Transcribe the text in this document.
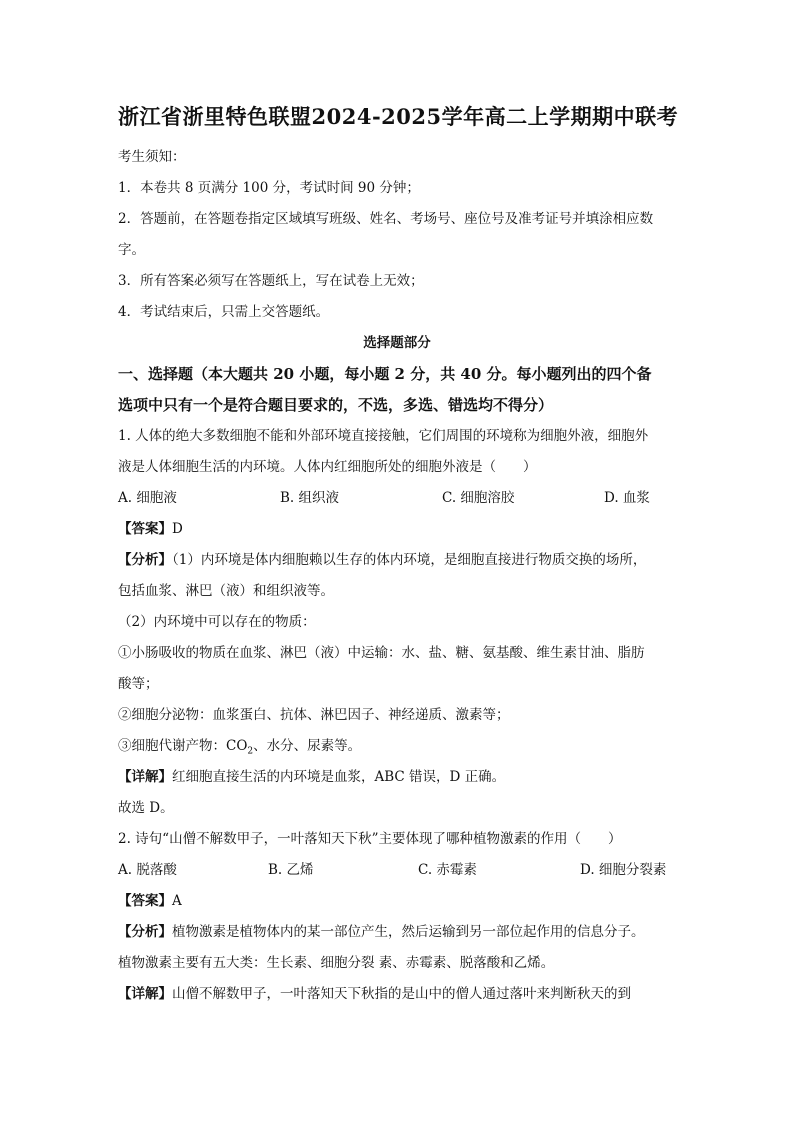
浙江省浙里特色联盟2024-2025学年高二上学期期中联考

考生须知：

1．本卷共 8 页满分 100 分，考试时间 90 分钟；

2．答题前，在答题卷指定区域填写班级、姓名、考场号、座位号及准考证号并填涂相应数

字。

3．所有答案必须写在答题纸上，写在试卷上无效；

4．考试结束后，只需上交答题纸。

选择题部分

一、选择题（本大题共 20 小题，每小题 2 分，共 40 分。每小题列出的四个备

选项中只有一个是符合题目要求的，不选，多选、错选均不得分）

1. 人体的绝大多数细胞不能和外部环境直接接触，它们周围的环境称为细胞外液，细胞外

液是人体细胞生活的内环境。人体内红细胞所处的细胞外液是（　　）

A. 细胞液	B. 组织液	C. 细胞溶胶	D. 血浆

【答案】D

【分析】（1）内环境是体内细胞赖以生存的体内环境，是细胞直接进行物质交换的场所，

包括血浆、淋巴（液）和组织液等。

（2）内环境中可以存在的物质：

①小肠吸收的物质在血浆、淋巴（液）中运输：水、盐、糖、氨基酸、维生素甘油、脂肪

酸等；

②细胞分泌物：血浆蛋白、抗体、淋巴因子、神经递质、激素等；

③细胞代谢产物：$CO_2$、水分、尿素等。

【详解】红细胞直接生活的内环境是血浆，ABC 错误，D 正确。

故选 D。

2. 诗句“山僧不解数甲子，一叶落知天下秋”主要体现了哪种植物激素的作用（　　）

A. 脱落酸	B. 乙烯	C. 赤霉素	D. 细胞分裂素

【答案】A

【分析】植物激素是植物体内的某一部位产生，然后运输到另一部位起作用的信息分子。

植物激素主要有五大类：生长素、细胞分裂 素、赤霉素、脱落酸和乙烯。

【详解】山僧不解数甲子，一叶落知天下秋指的是山中的僧人通过落叶来判断秋天的到
